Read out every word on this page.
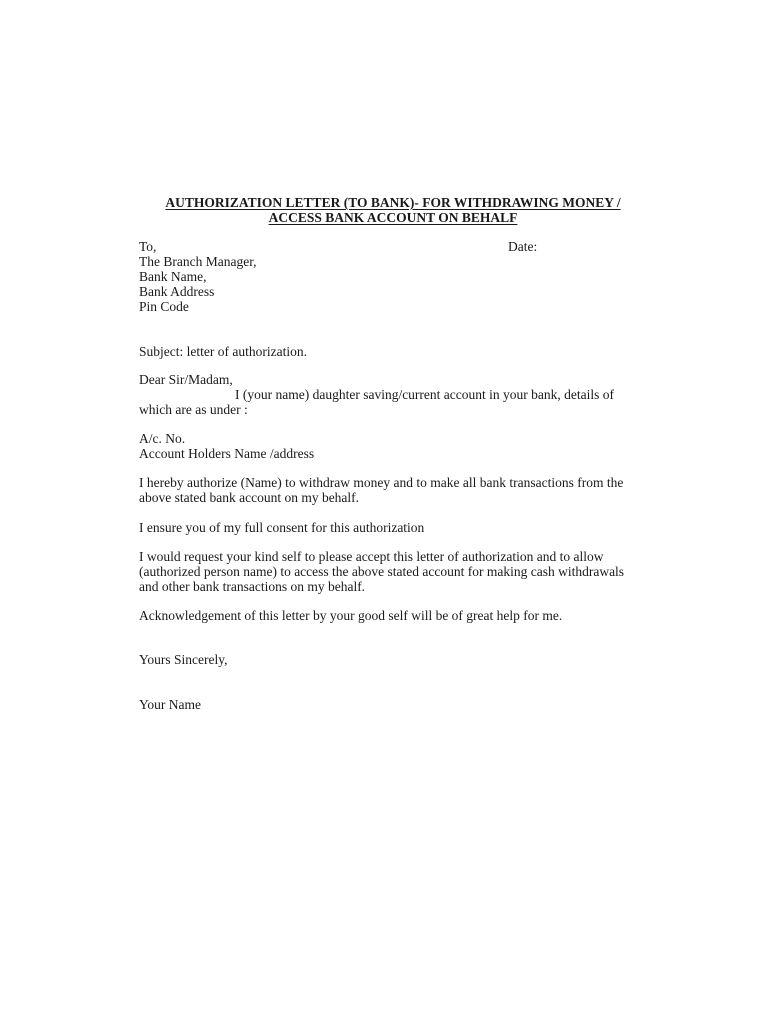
AUTHORIZATION LETTER (TO BANK)- FOR WITHDRAWING MONEY /
ACCESS BANK ACCOUNT ON BEHALF
To,	Date:
The Branch Manager,
Bank Name,
Bank Address
Pin Code
Subject: letter of authorization.
Dear Sir/Madam,
I (your name) daughter saving/current account in your bank, details of
which are as under :
A/c. No.
Account Holders Name /address
I hereby authorize (Name) to withdraw money and to make all bank transactions from the
above stated bank account on my behalf.
I ensure you of my full consent for this authorization
I would request your kind self to please accept this letter of authorization and to allow
(authorized person name) to access the above stated account for making cash withdrawals
and other bank transactions on my behalf.
Acknowledgement of this letter by your good self will be of great help for me.
Yours Sincerely,
Your Name
